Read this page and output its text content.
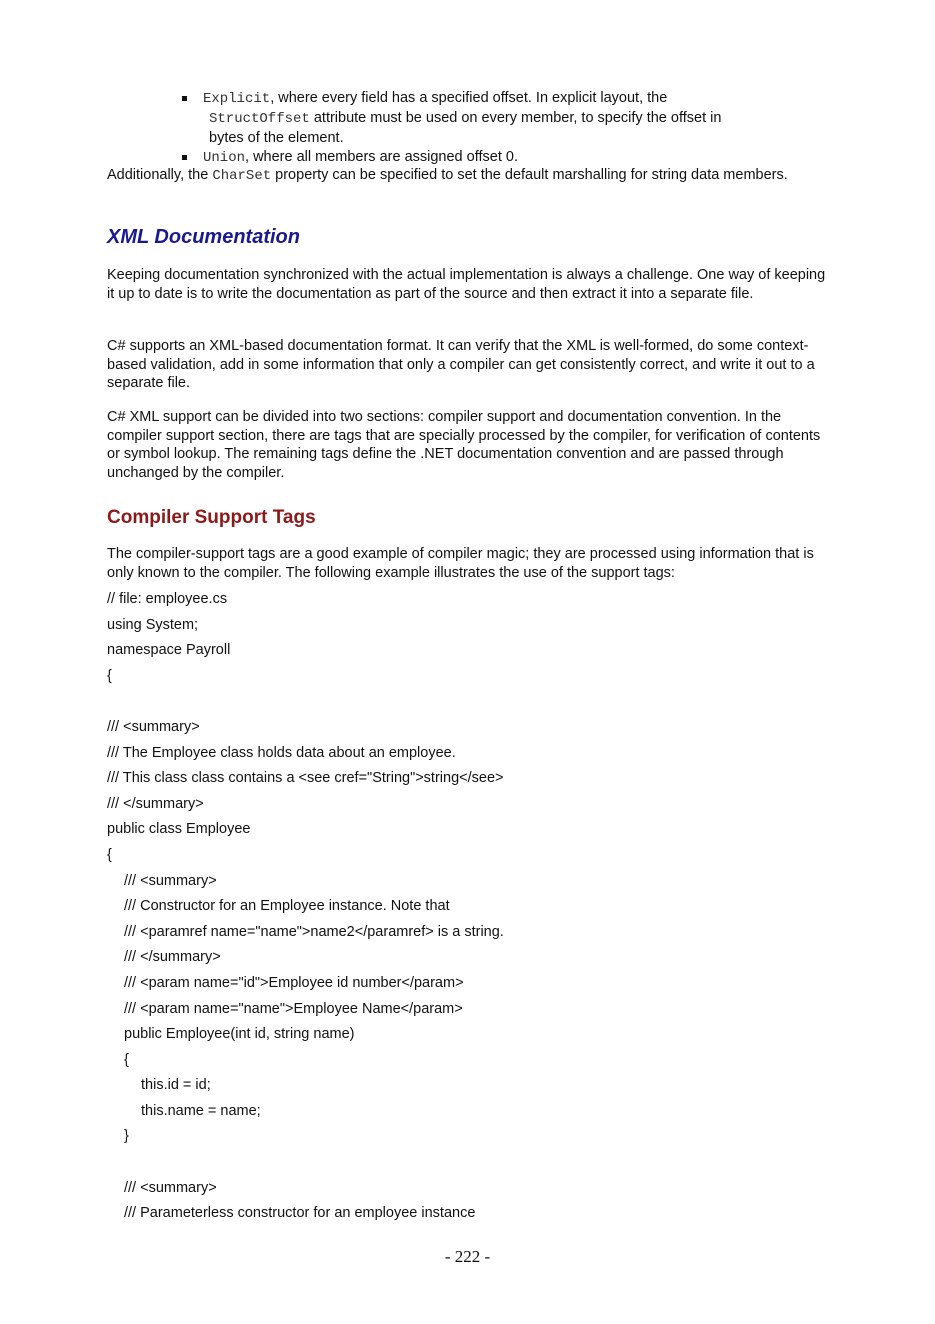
Explicit, where every field has a specified offset. In explicit layout, the
StructOffset attribute must be used on every member, to specify the offset in
bytes of the element.
Union, where all members are assigned offset 0.
Additionally, the CharSet property can be specified to set the default marshalling for string data members.
XML Documentation
Keeping documentation synchronized with the actual implementation is always a challenge. One way of keeping it up to date is to write the documentation as part of the source and then extract it into a separate file.
C# supports an XML-based documentation format. It can verify that the XML is well-formed, do some context-based validation, add in some information that only a compiler can get consistently correct, and write it out to a separate file.
C# XML support can be divided into two sections: compiler support and documentation convention. In the compiler support section, there are tags that are specially processed by the compiler, for verification of contents or symbol lookup. The remaining tags define the .NET documentation convention and are passed through unchanged by the compiler.
Compiler Support Tags
The compiler-support tags are a good example of compiler magic; they are processed using information that is only known to the compiler. The following example illustrates the use of the support tags:
// file: employee.cs
using System;
namespace Payroll
{
/// <summary>
/// The Employee class holds data about an employee.
/// This class class contains a <see cref="String">string</see>
/// </summary>
public class Employee
{
/// <summary>
/// Constructor for an Employee instance. Note that
/// <paramref name="name">name2</paramref> is a string.
/// </summary>
/// <param name="id">Employee id number</param>
/// <param name="name">Employee Name</param>
public Employee(int id, string name)
{
this.id = id;
this.name = name;
}
/// <summary>
/// Parameterless constructor for an employee instance
- 222 -
